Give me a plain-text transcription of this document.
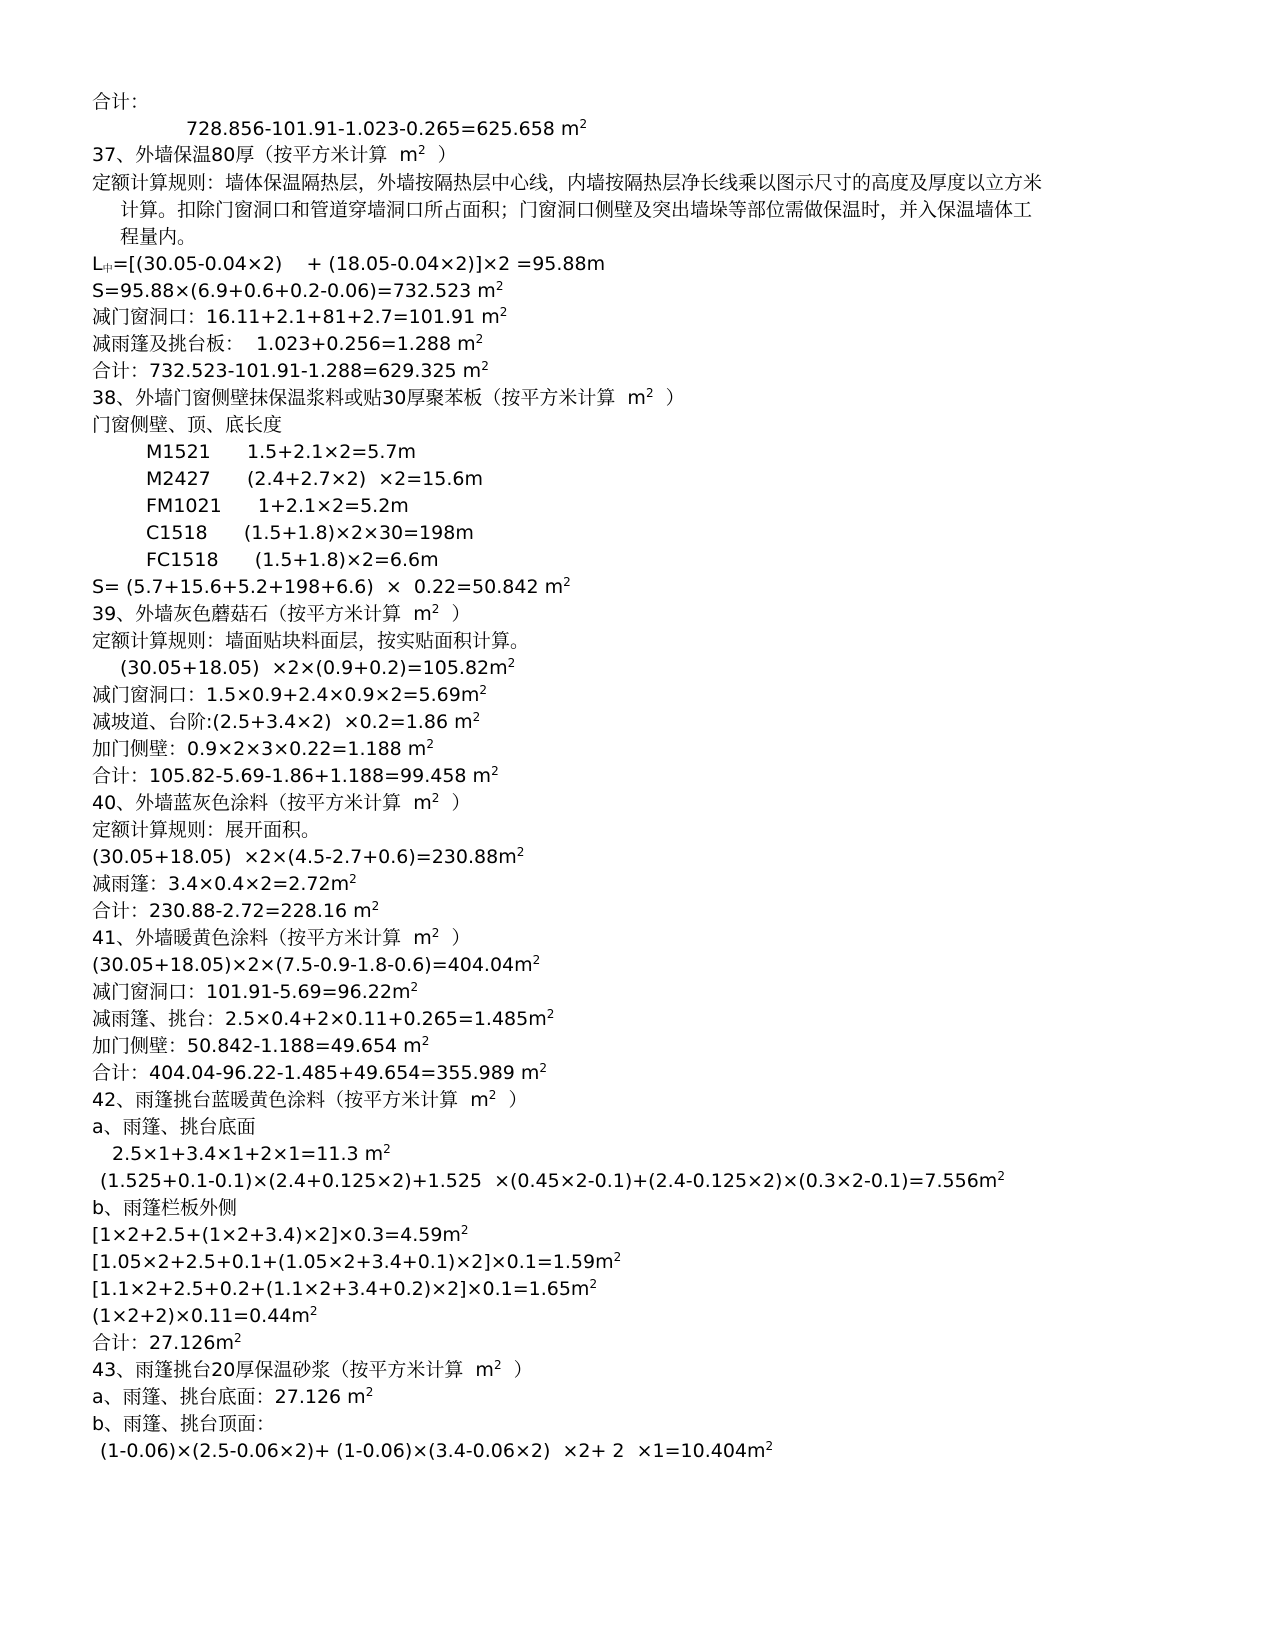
合计：
728.856-101.91-1.023-0.265=625.658 $m^2$
37、外墙保温80厚（按平方米计算  $m^2$  ）
定额计算规则：墙体保温隔热层，外墙按隔热层中心线，内墙按隔热层净长线乘以图示尺寸的高度及厚度以立方米
计算。扣除门窗洞口和管道穿墙洞口所占面积；门窗洞口侧壁及突出墙垛等部位需做保温时，并入保温墙体工
程量内。
$L_中=[(30.05-0.04\times 2)$    + (18.05-0.04×2)]×2 =95.88m
S=95.88×(6.9+0.6+0.2-0.06)=732.523 $m^2$
减门窗洞口：16.11+2.1+81+2.7=101.91 $m^2$
减雨篷及挑台板：  1.023+0.256=1.288 $m^2$
合计：732.523-101.91-1.288=629.325 $m^2$
38、外墙门窗侧壁抹保温浆料或贴30厚聚苯板（按平方米计算  $m^2$  ）
门窗侧壁、顶、底长度
M1521      1.5+2.1×2=5.7m
M2427      (2.4+2.7×2)  ×2=15.6m
FM1021      1+2.1×2=5.2m
C1518      (1.5+1.8)×2×30=198m
FC1518      (1.5+1.8)×2=6.6m
S= (5.7+15.6+5.2+198+6.6)  ×  0.22=50.842 $m^2$
39、外墙灰色蘑菇石（按平方米计算  $m^2$  ）
定额计算规则：墙面贴块料面层，按实贴面积计算。
$(30.05+18.05) \times 2\times(0.9+0.2)=105.82m^2$
减门窗洞口：$1.5\times 0.9+2.4\times 0.9\times 2=5.69m^2$
减坡道、台阶:(2.5+3.4×2)  ×0.2=1.86 $m^2$
加门侧壁：0.9×2×3×0.22=1.188 $m^2$
合计：105.82-5.69-1.86+1.188=99.458 $m^2$
40、外墙蓝灰色涂料（按平方米计算  $m^2$  ）
定额计算规则：展开面积。
$(30.05+18.05) \times 2\times(4.5-2.7+0.6)=230.88m^2$
减雨篷：$3.4\times 0.4\times 2=2.72m^2$
合计：230.88-2.72=228.16 $m^2$
41、外墙暖黄色涂料（按平方米计算  $m^2$  ）
$(30.05+18.05)\times 2\times(7.5-0.9-1.8-0.6)=404.04m^2$
减门窗洞口：$101.91-5.69=96.22m^2$
减雨篷、挑台：$2.5\times 0.4+2\times 0.11+0.265=1.485m^2$
加门侧壁：50.842-1.188=49.654 $m^2$
合计：404.04-96.22-1.485+49.654=355.989 $m^2$
42、雨篷挑台蓝暖黄色涂料（按平方米计算  $m^2$  ）
a、雨篷、挑台底面
2.5×1+3.4×1+2×1=11.3 $m^2$
$(1.525+0.1-0.1)\times(2.4+0.125\times 2)+1.525 \times(0.45\times 2-0.1)+(2.4-0.125\times 2)\times(0.3\times 2-0.1)=7.556m^2$
b、雨篷栏板外侧
$[1\times 2+2.5+(1\times 2+3.4)\times 2]\times 0.3=4.59m^2$
$[1.05\times 2+2.5+0.1+(1.05\times 2+3.4+0.1)\times 2]\times 0.1=1.59m^2$
$[1.1\times 2+2.5+0.2+(1.1\times 2+3.4+0.2)\times 2]\times 0.1=1.65m^2$
$(1\times 2+2)\times 0.11=0.44m^2$
合计：$27.126m^2$
43、雨篷挑台20厚保温砂浆（按平方米计算  $m^2$  ）
a、雨篷、挑台底面：27.126 $m^2$
b、雨篷、挑台顶面：
$(1-0.06)\times(2.5-0.06\times 2)+ (1-0.06)\times(3.4-0.06\times 2) \times 2+ 2 \times 1=10.404m^2$
